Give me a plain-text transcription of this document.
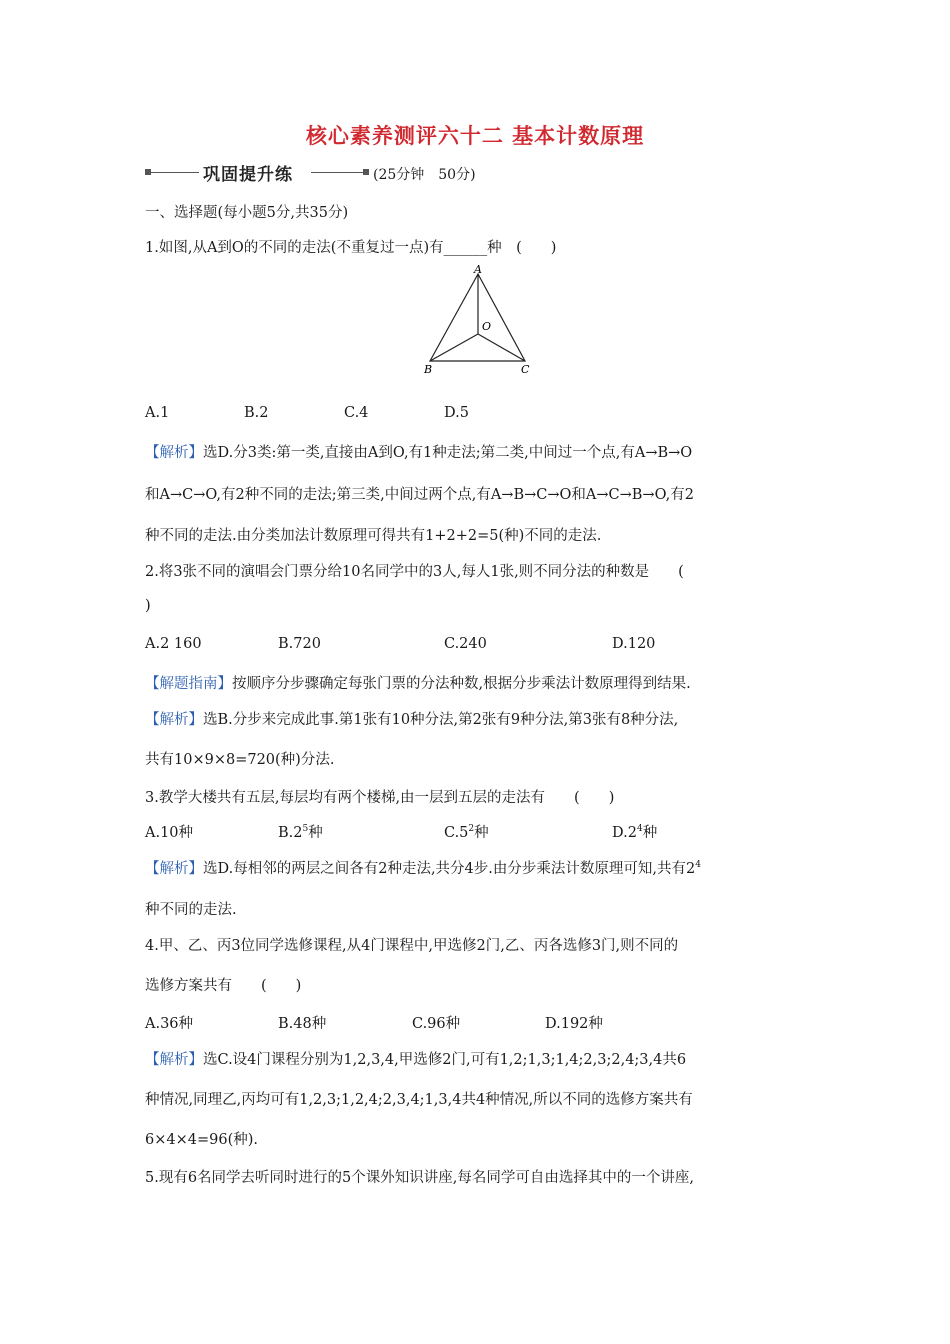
核心素养测评六十二 基本计数原理
巩固提升练	(25分钟　50分)
一、选择题(每小题5分,共35分)
1.如图,从A到O的不同的走法(不重复过一点)有______种　(　　)
A
O
B	C
A.1	B.2	C.4	D.5
【解析】选D.分3类:第一类,直接由A到O,有1种走法;第二类,中间过一个点,有A→B→O
和A→C→O,有2种不同的走法;第三类,中间过两个点,有A→B→C→O和A→C→B→O,有2
种不同的走法.由分类加法计数原理可得共有1+2+2=5(种)不同的走法.
2.将3张不同的演唱会门票分给10名同学中的3人,每人1张,则不同分法的种数是　　(
)
A.2 160	B.720	C.240	D.120
【解题指南】按顺序分步骤确定每张门票的分法种数,根据分步乘法计数原理得到结果.
【解析】选B.分步来完成此事.第1张有10种分法,第2张有9种分法,第3张有8种分法,
共有10×9×8=720(种)分法.
3.教学大楼共有五层,每层均有两个楼梯,由一层到五层的走法有　　(　　)
A.10种	$B.2^5$种	$C.5^2$种	$D.2^4$种
【解析】选D.每相邻的两层之间各有2种走法,共分4步.由分步乘法计数原理可知,共有$2^4$
种不同的走法.
4.甲、乙、丙3位同学选修课程,从4门课程中,甲选修2门,乙、丙各选修3门,则不同的
选修方案共有　　(　　)
A.36种	B.48种	C.96种	D.192种
【解析】选C.设4门课程分别为1,2,3,4,甲选修2门,可有1,2;1,3;1,4;2,3;2,4;3,4共6
种情况,同理乙,丙均可有1,2,3;1,2,4;2,3,4;1,3,4共4种情况,所以不同的选修方案共有
6×4×4=96(种).
5.现有6名同学去听同时进行的5个课外知识讲座,每名同学可自由选择其中的一个讲座,
